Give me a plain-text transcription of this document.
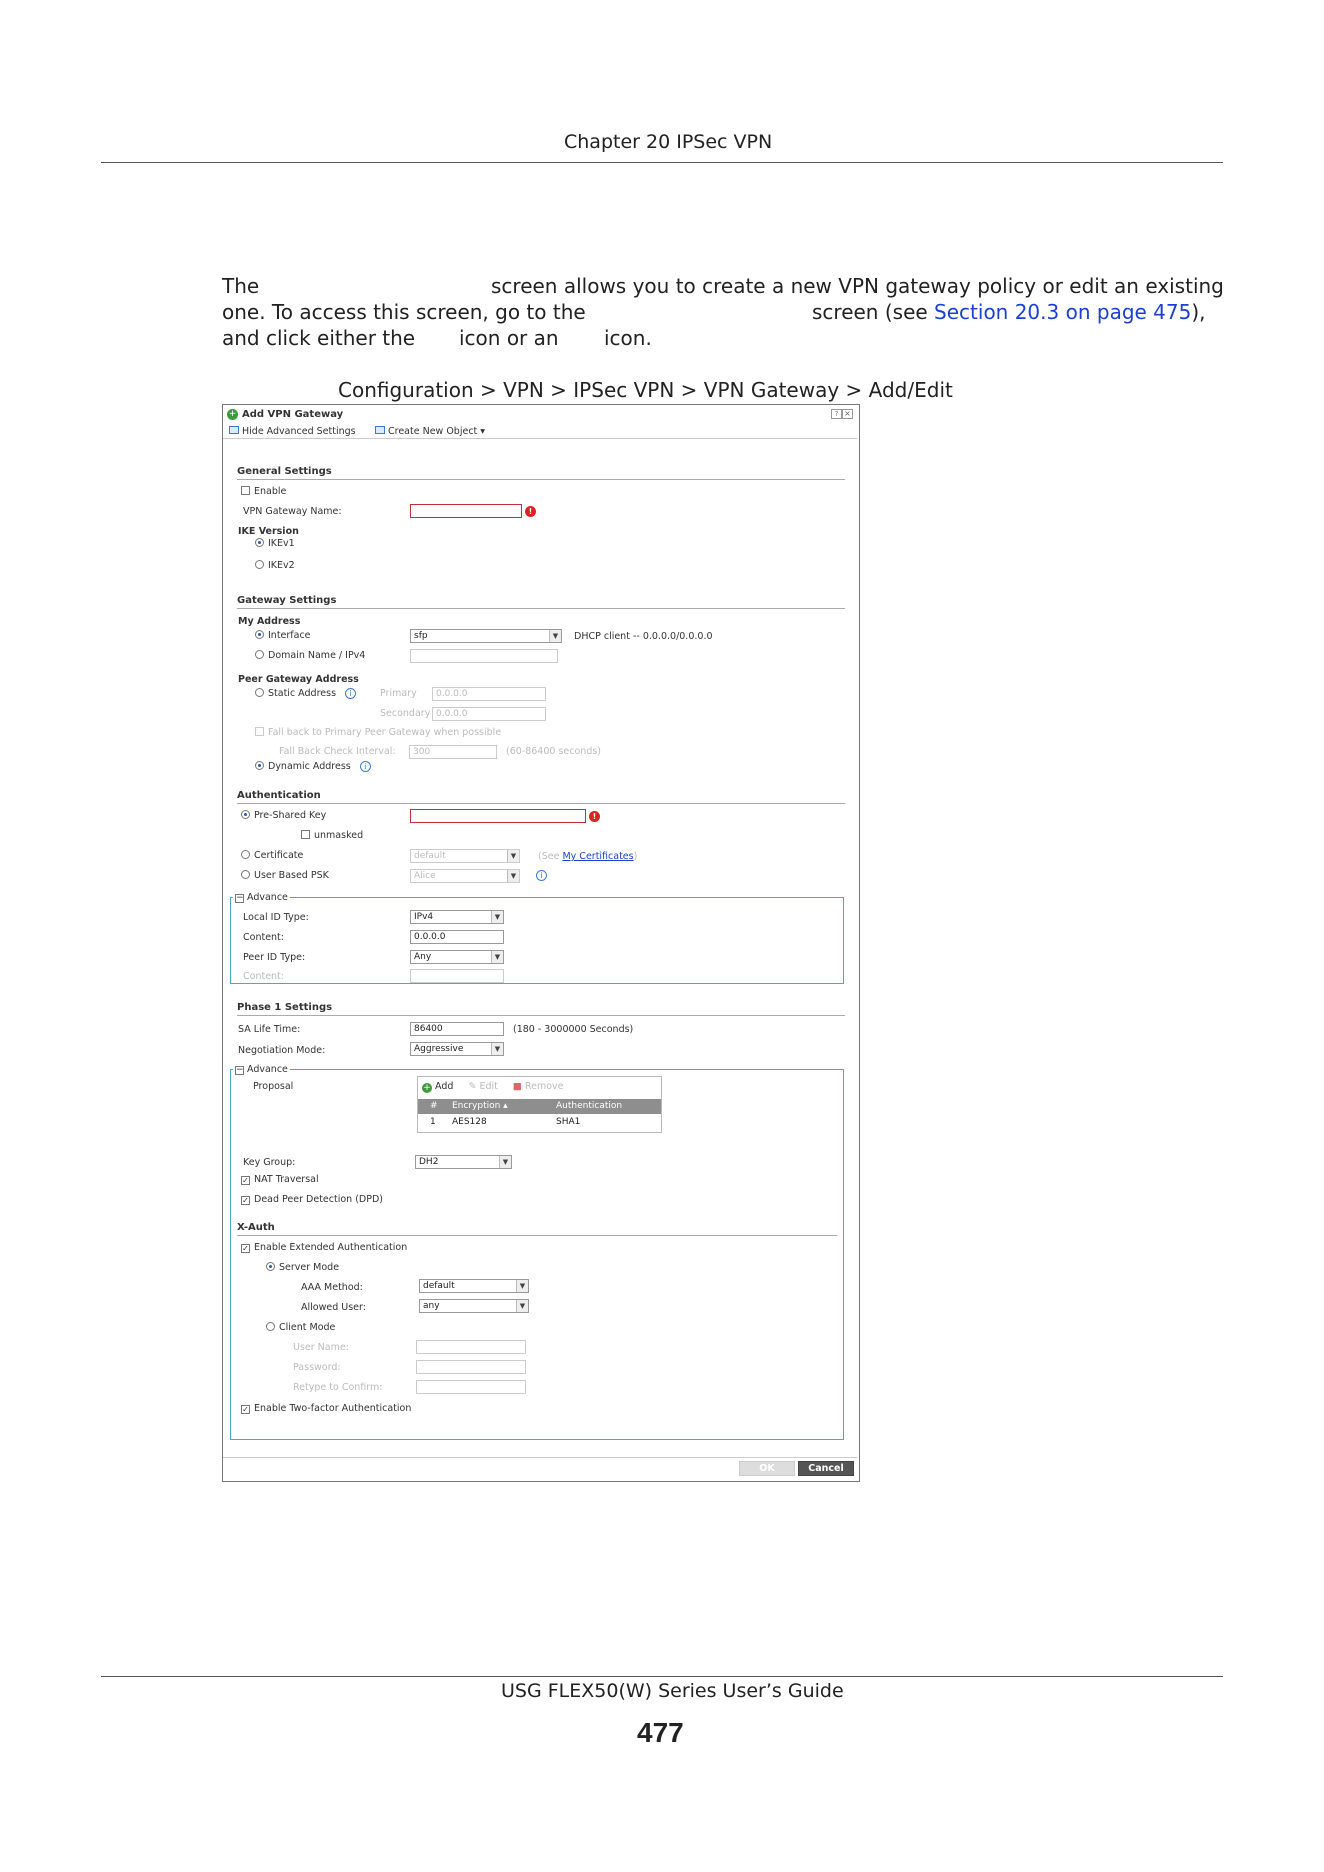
Chapter 20 IPSec VPN
The	screen allows you to create a new VPN gateway policy or edit an existing
one. To access this screen, go to the	screen (see Section 20.3 on page 475),
and click either the icon or an icon.
Configuration > VPN > IPSec VPN > VPN Gateway > Add/Edit
+ Add VPN Gateway	? ×
Hide Advanced Settings	Create New Object ▾
General Settings
Enable
VPN Gateway Name:	!
IKE Version
IKEv1
IKEv2
Gateway Settings
My Address
Interface	sfp	▼ DHCP client -- 0.0.0.0/0.0.0.0
Domain Name / IPv4
Peer Gateway Address
Static Address i	Primary	0.0.0.0
Secondary 0.0.0.0
Fall back to Primary Peer Gateway when possible
Fall Back Check Interval:	300	(60-86400 seconds)
Dynamic Address i
Authentication
Pre-Shared Key	!
unmasked
Certificate	default	▼ (See My Certificates)
User Based PSK	Alice	▼	i
− Advance
Local ID Type:	IPv4	▼
Content:	0.0.0.0
Peer ID Type:	Any	▼
Content:
Phase 1 Settings
SA Life Time:	86400	(180 - 3000000 Seconds)
Negotiation Mode:	Aggressive	▼
− Advance
Proposal	+ Add ✎ Edit ■ Remove
# Encryption ▴	Authentication
1 AES128	SHA1
Key Group:	DH2	▼
✓ NAT Traversal
✓ Dead Peer Detection (DPD)
X-Auth
✓ Enable Extended Authentication
Server Mode
AAA Method:	default	▼
Allowed User:	any	▼
Client Mode
User Name:
Password:
Retype to Confirm:
✓ Enable Two-factor Authentication
OK	Cancel
USG FLEX50(W) Series User’s Guide
477
